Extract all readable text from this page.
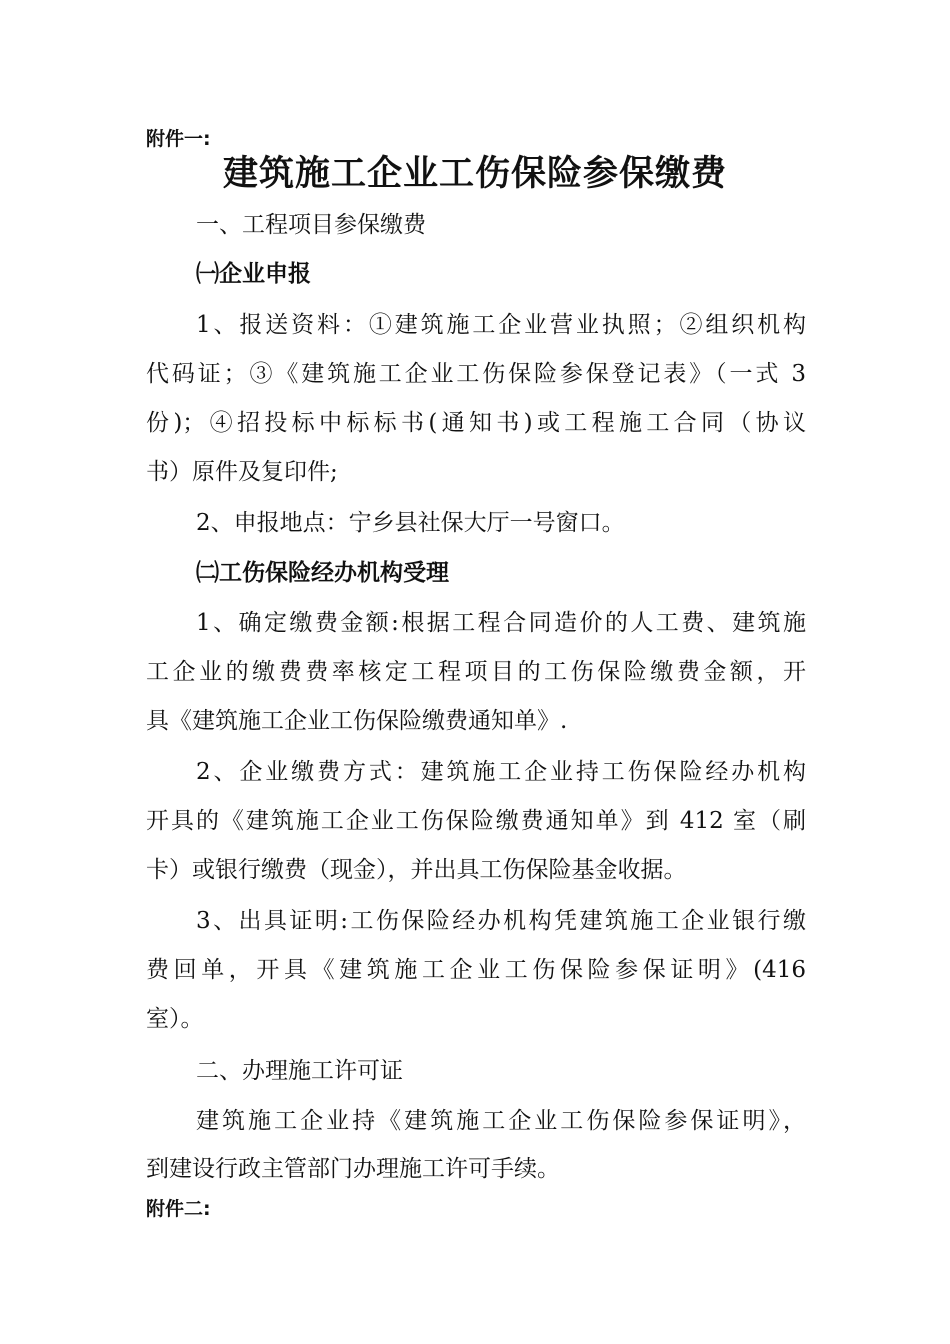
附件一:
建筑施工企业工伤保险参保缴费
一、工程项目参保缴费
㈠企业申报
1、报送资料：①建筑施工企业营业执照；②组织机构
代码证；③《建筑施工企业工伤保险参保登记表》（一式 3
份)；④招投标中标标书(通知书)或工程施工合同（协议
书）原件及复印件;
2、申报地点：宁乡县社保大厅一号窗口。
㈡工伤保险经办机构受理
1、确定缴费金额:根据工程合同造价的人工费、建筑施
工企业的缴费费率核定工程项目的工伤保险缴费金额，开
具《建筑施工企业工伤保险缴费通知单》.
2、企业缴费方式：建筑施工企业持工伤保险经办机构
开具的《建筑施工企业工伤保险缴费通知单》到 412 室（刷
卡）或银行缴费（现金），并出具工伤保险基金收据。
3、出具证明:工伤保险经办机构凭建筑施工企业银行缴
费回单，开具《建筑施工企业工伤保险参保证明》(416
室）。
二、办理施工许可证
建筑施工企业持《建筑施工企业工伤保险参保证明》，
到建设行政主管部门办理施工许可手续。
附件二:
